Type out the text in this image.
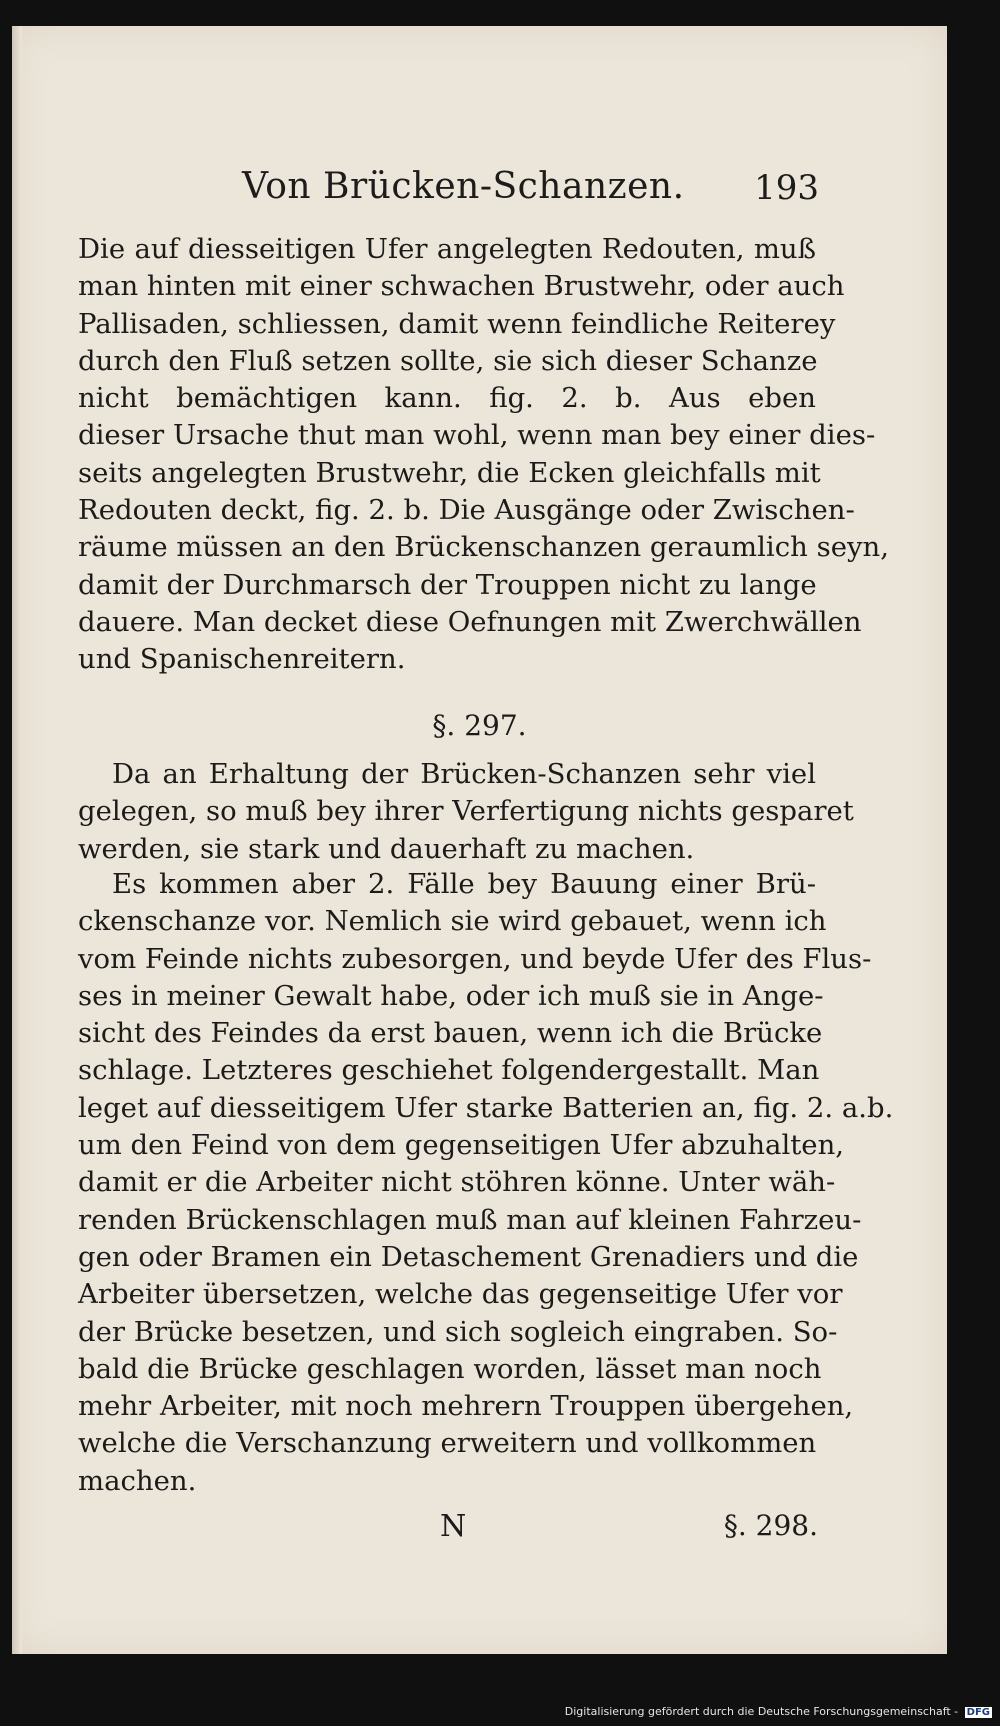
Von Brücken-Schanzen. 193
Die auf diesseitigen Ufer angelegten Redouten, muß
man hinten mit einer schwachen Brustwehr, oder auch
Pallisaden, schliessen, damit wenn feindliche Reiterey
durch den Fluß setzen sollte, sie sich dieser Schanze
nicht bemächtigen kann. fig. 2. b. Aus eben
dieser Ursache thut man wohl, wenn man bey einer dies-
seits angelegten Brustwehr, die Ecken gleichfalls mit
Redouten deckt, fig. 2. b. Die Ausgänge oder Zwischen-
räume müssen an den Brückenschanzen geraumlich seyn,
damit der Durchmarsch der Trouppen nicht zu lange
dauere. Man decket diese Oefnungen mit Zwerchwällen
und Spanischenreitern.
§. 297.
Da an Erhaltung der Brücken-Schanzen sehr viel
gelegen, so muß bey ihrer Verfertigung nichts gesparet
werden, sie stark und dauerhaft zu machen.
Es kommen aber 2. Fälle bey Bauung einer Brü-
ckenschanze vor. Nemlich sie wird gebauet, wenn ich
vom Feinde nichts zubesorgen, und beyde Ufer des Flus-
ses in meiner Gewalt habe, oder ich muß sie in Ange-
sicht des Feindes da erst bauen, wenn ich die Brücke
schlage. Letzteres geschiehet folgendergestallt. Man
leget auf diesseitigem Ufer starke Batterien an, fig. 2. a.b.
um den Feind von dem gegenseitigen Ufer abzuhalten,
damit er die Arbeiter nicht stöhren könne. Unter wäh-
renden Brückenschlagen muß man auf kleinen Fahrzeu-
gen oder Bramen ein Detaschement Grenadiers und die
Arbeiter übersetzen, welche das gegenseitige Ufer vor
der Brücke besetzen, und sich sogleich eingraben. So-
bald die Brücke geschlagen worden, lässet man noch
mehr Arbeiter, mit noch mehrern Trouppen übergehen,
welche die Verschanzung erweitern und vollkommen
machen.
N	§. 298.
Digitalisierung gefördert durch die Deutsche Forschungsgemeinschaft - DFG
